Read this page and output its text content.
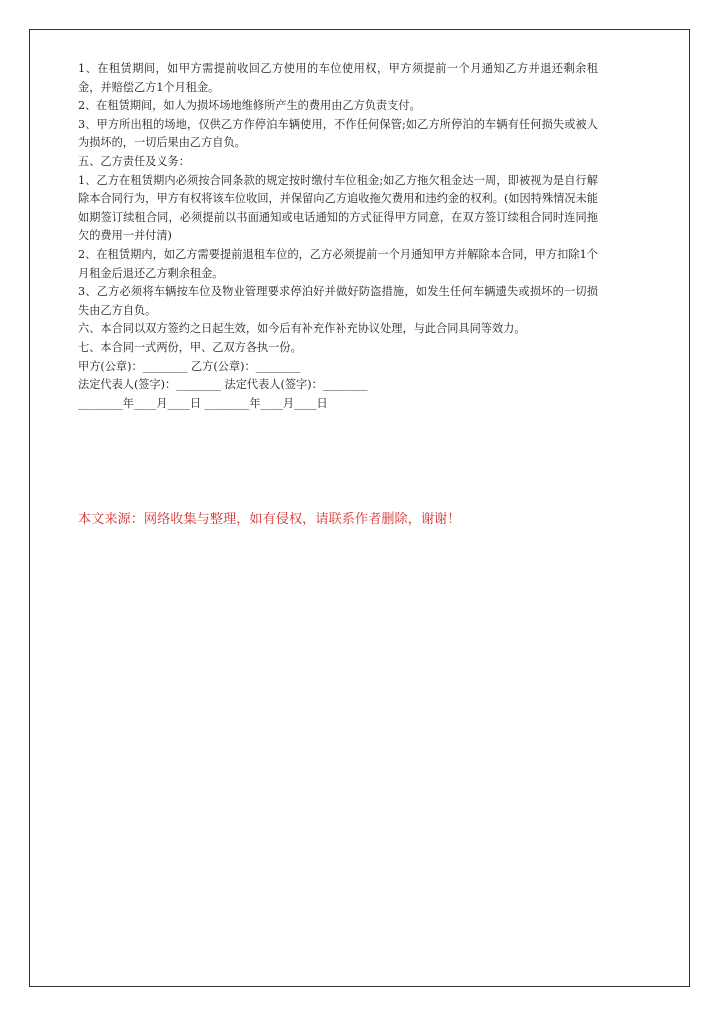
1、在租赁期间，如甲方需提前收回乙方使用的车位使用权，甲方须提前一个月通知乙方并退还剩余租金，并赔偿乙方1个月租金。

2、在租赁期间，如人为损坏场地维修所产生的费用由乙方负责支付。

3、甲方所出租的场地，仅供乙方作停泊车辆使用，不作任何保管;如乙方所停泊的车辆有任何损失或被人为损坏的，一切后果由乙方自负。

五、乙方责任及义务：

1、乙方在租赁期内必须按合同条款的规定按时缴付车位租金;如乙方拖欠租金达一周，即被视为是自行解除本合同行为，甲方有权将该车位收回，并保留向乙方追收拖欠费用和违约金的权利。(如因特殊情况未能如期签订续租合同，必须提前以书面通知或电话通知的方式征得甲方同意，在双方签订续租合同时连同拖欠的费用一并付清)

2、在租赁期内，如乙方需要提前退租车位的，乙方必须提前一个月通知甲方并解除本合同，甲方扣除1个月租金后退还乙方剩余租金。

3、乙方必须将车辆按车位及物业管理要求停泊好并做好防盗措施，如发生任何车辆遗失或损坏的一切损失由乙方自负。

六、本合同以双方签约之日起生效，如今后有补充作补充协议处理，与此合同具同等效力。

七、本合同一式两份，甲、乙双方各执一份。

甲方(公章)：________ 乙方(公章)：________

法定代表人(签字)：________ 法定代表人(签字)：________

________年____月____日 ________年____月____日

本文来源：网络收集与整理，如有侵权，请联系作者删除，谢谢！
